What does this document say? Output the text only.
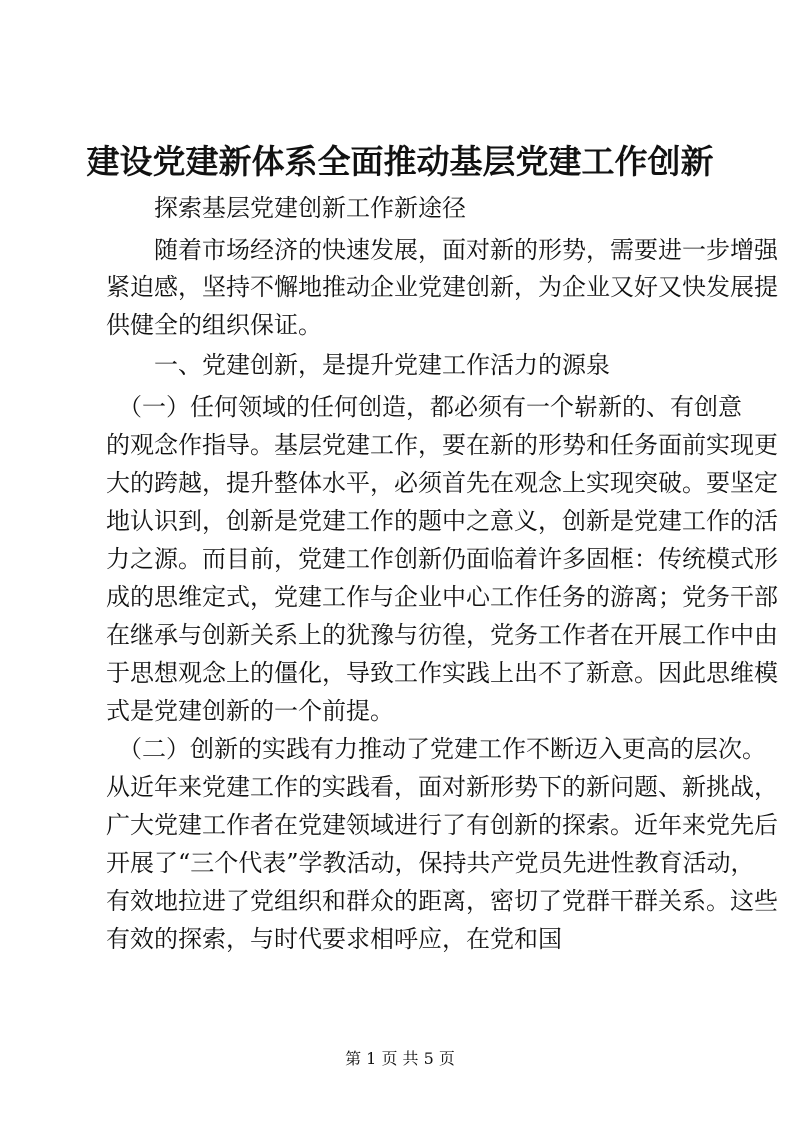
建设党建新体系全面推动基层党建工作创新
　　探索基层党建创新工作新途径
　　随着市场经济的快速发展，面对新的形势，需要进一步增强
紧迫感，坚持不懈地推动企业党建创新，为企业又好又快发展提
供健全的组织保证。
　　一、党建创新，是提升党建工作活力的源泉
　（一）任何领域的任何创造，都必须有一个崭新的、有创意
的观念作指导。基层党建工作，要在新的形势和任务面前实现更
大的跨越，提升整体水平，必须首先在观念上实现突破。要坚定
地认识到，创新是党建工作的题中之意义，创新是党建工作的活
力之源。而目前，党建工作创新仍面临着许多固框：传统模式形
成的思维定式，党建工作与企业中心工作任务的游离；党务干部
在继承与创新关系上的犹豫与彷徨，党务工作者在开展工作中由
于思想观念上的僵化，导致工作实践上出不了新意。因此思维模
式是党建创新的一个前提。
　（二）创新的实践有力推动了党建工作不断迈入更高的层次。
从近年来党建工作的实践看，面对新形势下的新问题、新挑战，
广大党建工作者在党建领域进行了有创新的探索。近年来党先后
开展了“三个代表”学教活动，保持共产党员先进性教育活动，
有效地拉进了党组织和群众的距离，密切了党群干群关系。这些
有效的探索，与时代要求相呼应，在党和国
第 1 页 共 5 页
